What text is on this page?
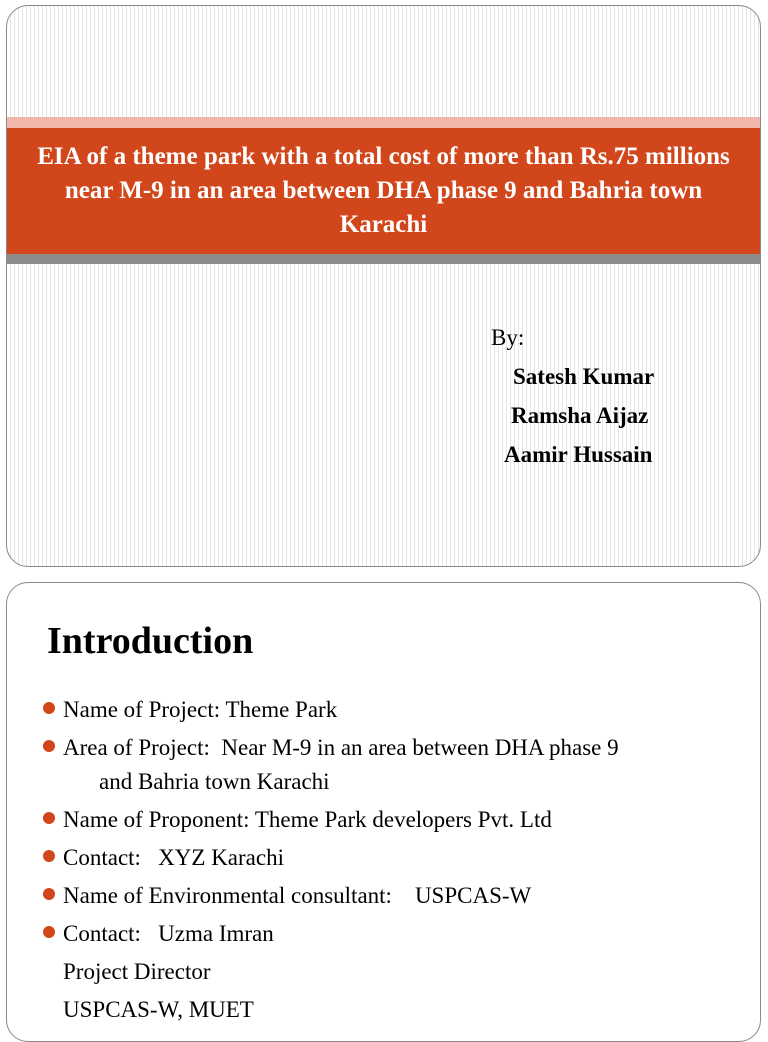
EIA of a theme park with a total cost of more than Rs.75 millions near M-9 in an area between DHA phase 9 and Bahria town Karachi
By:
Satesh Kumar
Ramsha Aijaz
Aamir Hussain
Introduction
Name of Project: Theme Park
Area of Project:  Near M-9 in an area between DHA phase 9
and Bahria town Karachi
Name of Proponent: Theme Park developers Pvt. Ltd
Contact:   XYZ Karachi
Name of Environmental consultant:    USPCAS-W
Contact:   Uzma Imran
Project Director
USPCAS-W, MUET
